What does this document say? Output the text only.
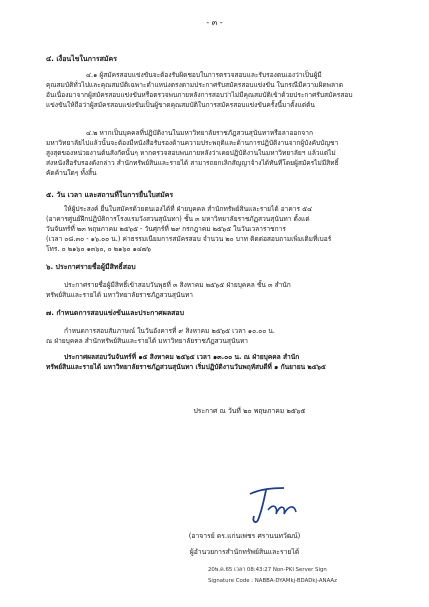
- ๓ -
๔. เงื่อนไขในการสมัคร
๔.๑ ผู้สมัครสอบแข่งขันจะต้องรับผิดชอบในการตรวจสอบและรับรองตนเองว่าเป็นผู้มี
คุณสมบัติทั่วไปและคุณสมบัติเฉพาะตำแหน่งตรงตามประกาศรับสมัครสอบแข่งขัน ในกรณีมีความผิดพลาด
อันเนื่องมาจากผู้สมัครสอบแข่งขันหรือตรวจพบภายหลังการสอบว่าไม่มีคุณสมบัติเข้าด้วยประกาศรับสมัครสอบ
แข่งขันให้ถือว่าผู้สมัครสอบแข่งขันเป็นผู้ขาดคุณสมบัติในการสมัครสอบแข่งขันครั้งนี้มาตั้งแต่ต้น
๔.๒ หากเป็นบุคคลที่ปฏิบัติงานในมหาวิทยาลัยราชภัฏสวนสุนันทาหรือลาออกจาก
มหาวิทยาลัยไปแล้วนั้นจะต้องมีหนังสือรับรองด้านความประพฤติและด้านการปฏิบัติงานจากผู้บังคับบัญชา
สูงสุดของหน่วยงานต้นสังกัดนั้นๆ หากตรวจสอบพบภายหลังว่าเคยปฏิบัติงานในมหาวิทยาลัยฯ แล้วแต่ไม่
ส่งหนังสือรับรองดังกล่าว สำนักทรัพย์สินและรายได้ สามารถยกเลิกสัญญาจ้างได้ทันทีโดยผู้สมัครไม่มีสิทธิ์
คัดค้านใดๆ ทั้งสิ้น
๕. วัน เวลา และสถานที่ในการยื่นใบสมัคร
ให้ผู้ประสงค์ ยื่นใบสมัครด้วยตนเองได้ที่ ฝ่ายบุคคล สำนักทรัพย์สินและรายได้ อาคาร ๕๔
(อาคารศูนย์ฝึกปฏิบัติการโรงแรมวังสวนสุนันทา) ชั้น ๓ มหาวิทยาลัยราชภัฏสวนสุนันทา ตั้งแต่
วันจันทร์ที่ ๒๓ พฤษภาคม ๒๕๖๕ - วันศุกร์ที่ ๒๙ กรกฎาคม ๒๕๖๕ ในวันเวลาราชการ
(เวลา ๐๘.๓๐ - ๑๖.๐๐ น.) ค่าธรรมเนียมการสมัครสอบ จำนวน ๒๐ บาท ติดต่อสอบถามเพิ่มเติมที่เบอร์
โทร. ๐ ๒๑๖๐ ๑๓๖๐, ๐ ๒๑๖๐ ๑๔๗๖
๖. ประกาศรายชื่อผู้มีสิทธิ์สอบ
ประกาศรายชื่อผู้มีสิทธิ์เข้าสอบวันพุธที่ ๓ สิงหาคม ๒๕๖๕ ฝ่ายบุคคล ชั้น ๓ สำนัก
ทรัพย์สินและรายได้ มหาวิทยาลัยราชภัฏสวนสุนันทา
๗. กำหนดการสอบแข่งขันและประกาศผลสอบ
กำหนดการสอบสัมภาษณ์ ในวันอังคารที่ ๙ สิงหาคม ๒๕๖๕ เวลา ๑๐.๐๐ น.
ณ ฝ่ายบุคคล สำนักทรัพย์สินและรายได้ มหาวิทยาลัยราชภัฏสวนสุนันทา
ประกาศผลสอบวันจันทร์ที่ ๑๕ สิงหาคม ๒๕๖๕ เวลา ๑๓.๐๐ น. ณ ฝ่ายบุคคล สำนัก
ทรัพย์สินและรายได้ มหาวิทยาลัยราชภัฏสวนสุนันทา เริ่มปฏิบัติงานวันพฤหัสบดีที่ ๑ กันยายน ๒๕๖๕
ประกาศ ณ วันที่ ๒๐ พฤษภาคม ๒๕๖๕
(อาจารย์ ดร.แก่นเพชร ศรานนทวัฒน์)
ผู้อำนวยการสำนักทรัพย์สินและรายได้
20พ.ค.65 เวลา 08:43:27 Non-PKI Server Sign
Signature Code : NABBA-DYAMkj-BDADkj-ANAAz
